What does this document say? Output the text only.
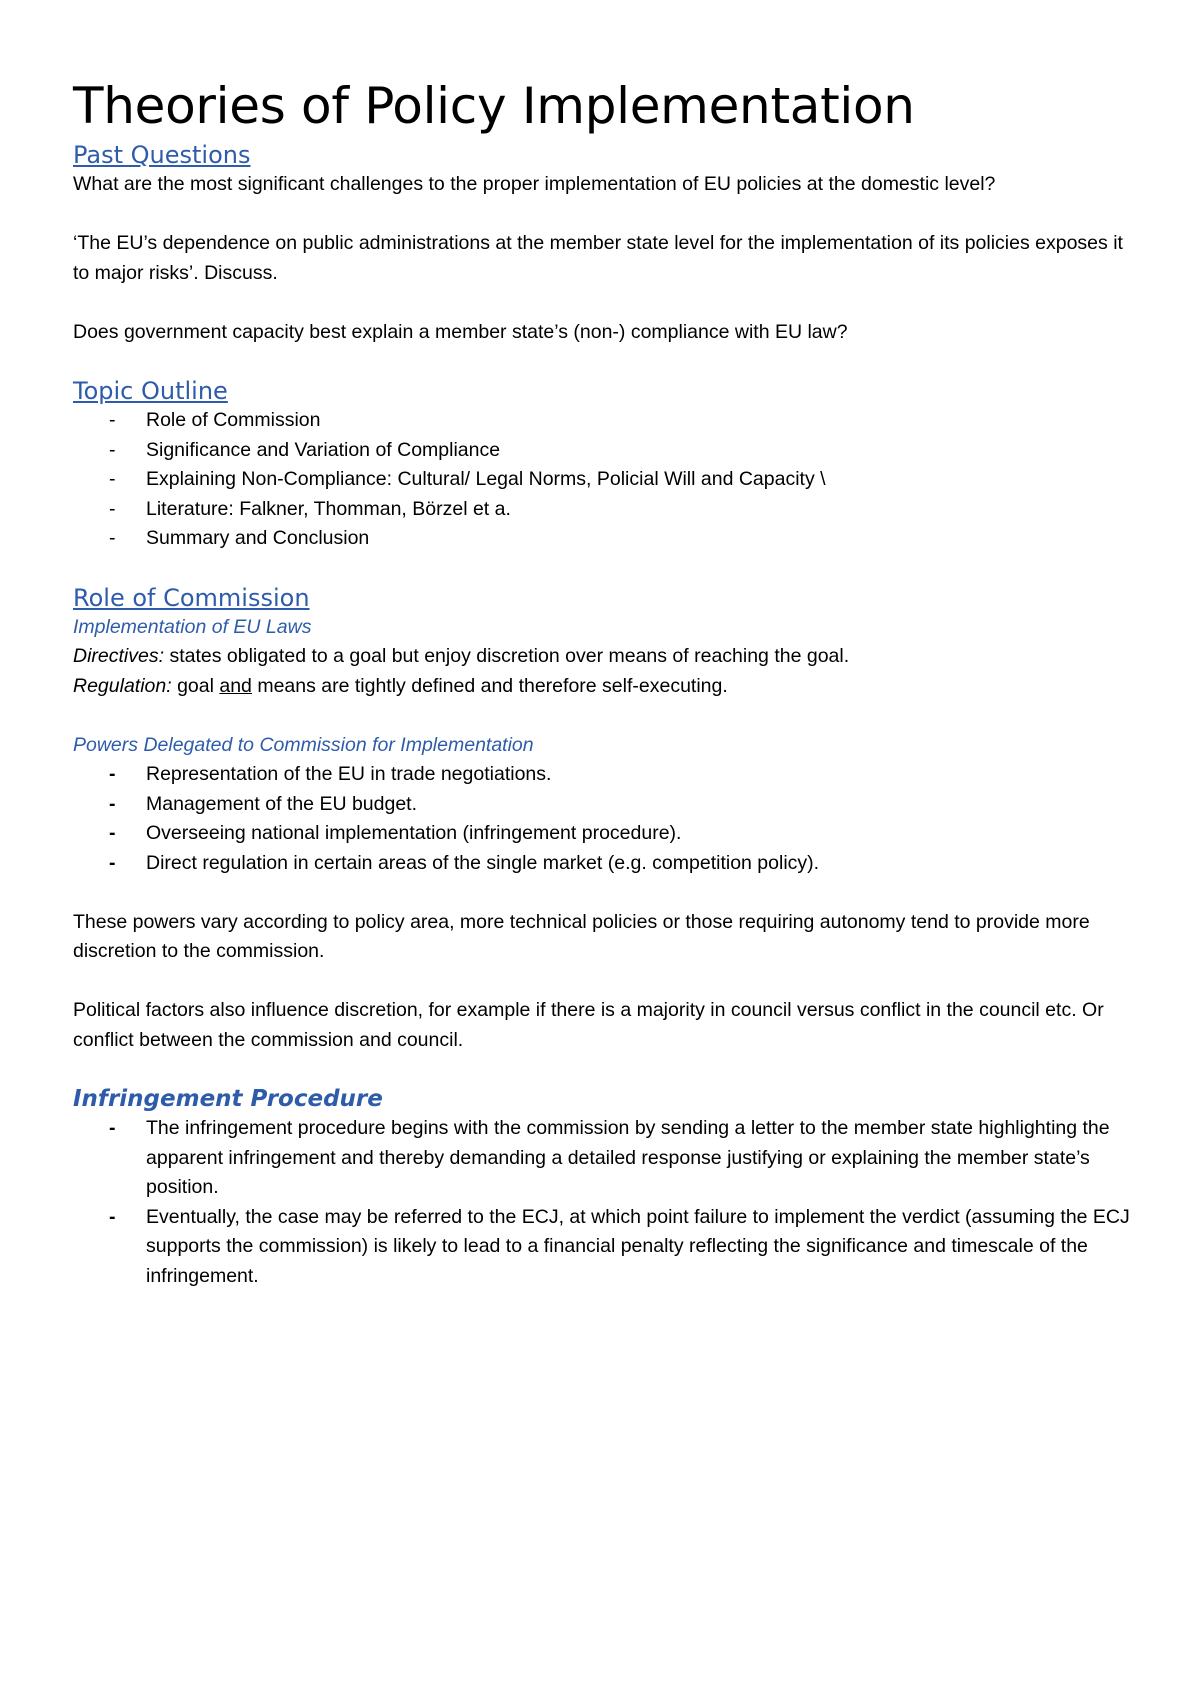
Theories of Policy Implementation
Past Questions

What are the most significant challenges to the proper implementation of EU policies at the domestic level?

‘The EU’s dependence on public administrations at the member state level for the implementation of its policies exposes it to major risks’. Discuss.

Does government capacity best explain a member state’s (non-) compliance with EU law?

Topic Outline
- Role of Commission
- Significance and Variation of Compliance
- Explaining Non-Compliance: Cultural/ Legal Norms, Policial Will and Capacity \
- Literature: Falkner, Thomman, Börzel et a.
- Summary and Conclusion
Role of Commission

Implementation of EU Laws

Directives: states obligated to a goal but enjoy discretion over means of reaching the goal.

Regulation: goal and means are tightly defined and therefore self-executing.

Powers Delegated to Commission for Implementation

- Representation of the EU in trade negotiations.
- Management of the EU budget.
- Overseeing national implementation (infringement procedure).
- Direct regulation in certain areas of the single market (e.g. competition policy).

These powers vary according to policy area, more technical policies or those requiring autonomy tend to provide more discretion to the commission.

Political factors also influence discretion, for example if there is a majority in council versus conflict in the council etc. Or conflict between the commission and council.

Infringement Procedure
- The infringement procedure begins with the commission by sending a letter to the member state highlighting the apparent infringement and thereby demanding a detailed response justifying or explaining the member state’s position.
- Eventually, the case may be referred to the ECJ, at which point failure to implement the verdict (assuming the ECJ supports the commission) is likely to lead to a financial penalty reflecting the significance and timescale of the infringement.
